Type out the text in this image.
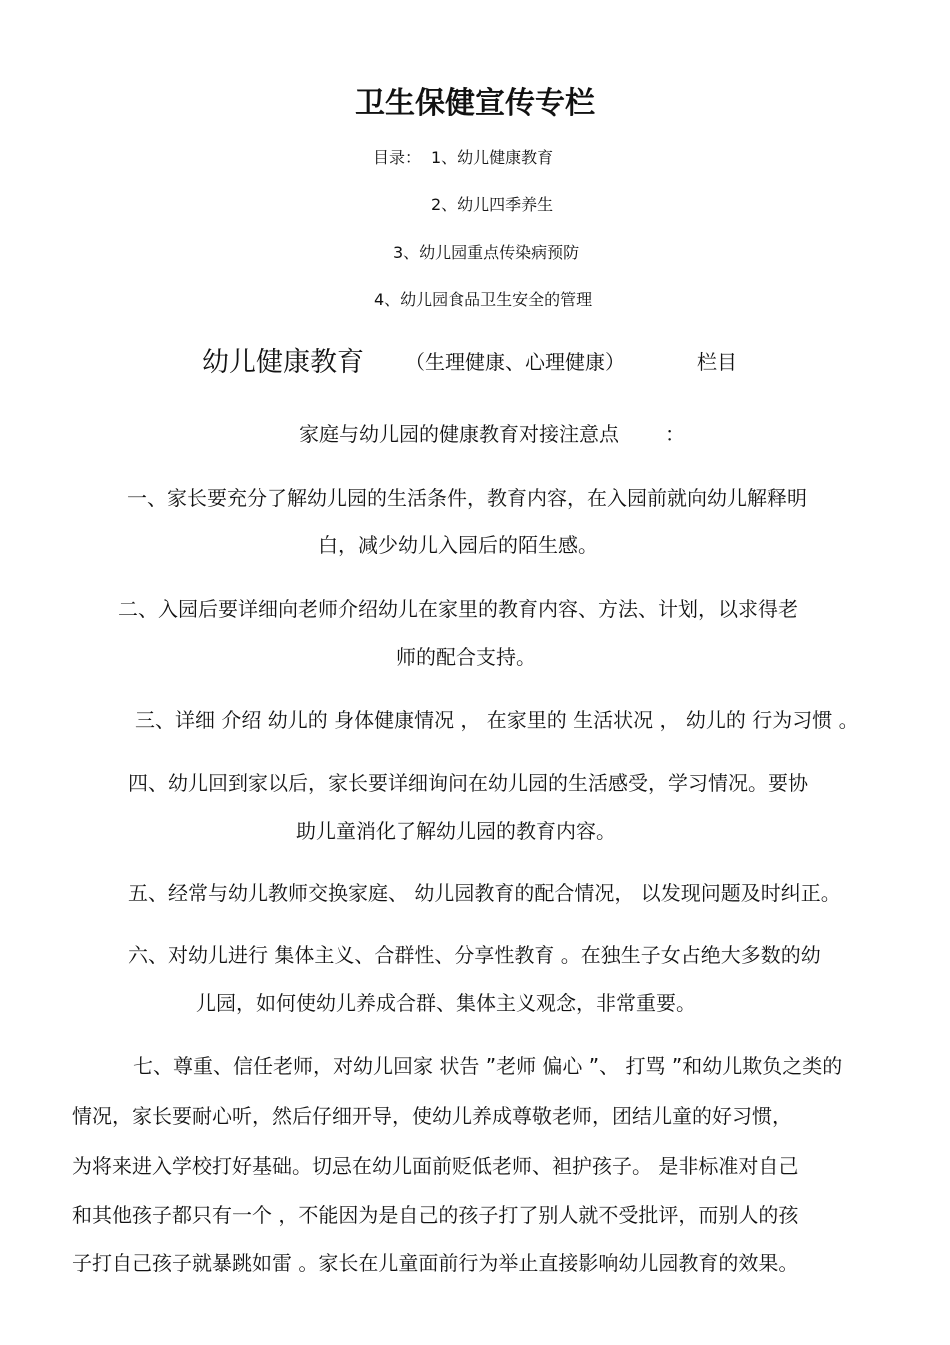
卫生保健宣传专栏
目录： 1、幼儿健康教育
2、幼儿四季养生
3、幼儿园重点传染病预防
4、幼儿园食品卫生安全的管理
幼儿健康教育 （生理健康、心理健康）	栏目
家庭与幼儿园的健康教育对接注意点 ：

一、家长要充分了解幼儿园的生活条件，教育内容，在入园前就向幼儿解释明

白，减少幼儿入园后的陌生感。

二、入园后要详细向老师介绍幼儿在家里的教育内容、方法、计划，以求得老

师的配合支持。

三、详细 介绍 幼儿的 身体健康情况 ， 在家里的 生活状况 ， 幼儿的 行为习惯 。

四、幼儿回到家以后，家长要详细询问在幼儿园的生活感受，学习情况。要协

助儿童消化了解幼儿园的教育内容。

五、经常与幼儿教师交换家庭、 幼儿园教育的配合情况， 以发现问题及时纠正。

六、对幼儿进行 集体主义、合群性、分享性教育 。在独生子女占绝大多数的幼

儿园，如何使幼儿养成合群、集体主义观念，非常重要。

七、尊重、信任老师，对幼儿回家 状告 ”老师 偏心 ”、 打骂 ”和幼儿欺负之类的

情况，家长要耐心听，然后仔细开导，使幼儿养成尊敬老师，团结儿童的好习惯，

为将来进入学校打好基础。切忌在幼儿面前贬低老师、袒护孩子。 是非标准对自己

和其他孩子都只有一个 ，不能因为是自己的孩子打了别人就不受批评，而别人的孩

子打自己孩子就暴跳如雷 。家长在儿童面前行为举止直接影响幼儿园教育的效果。
